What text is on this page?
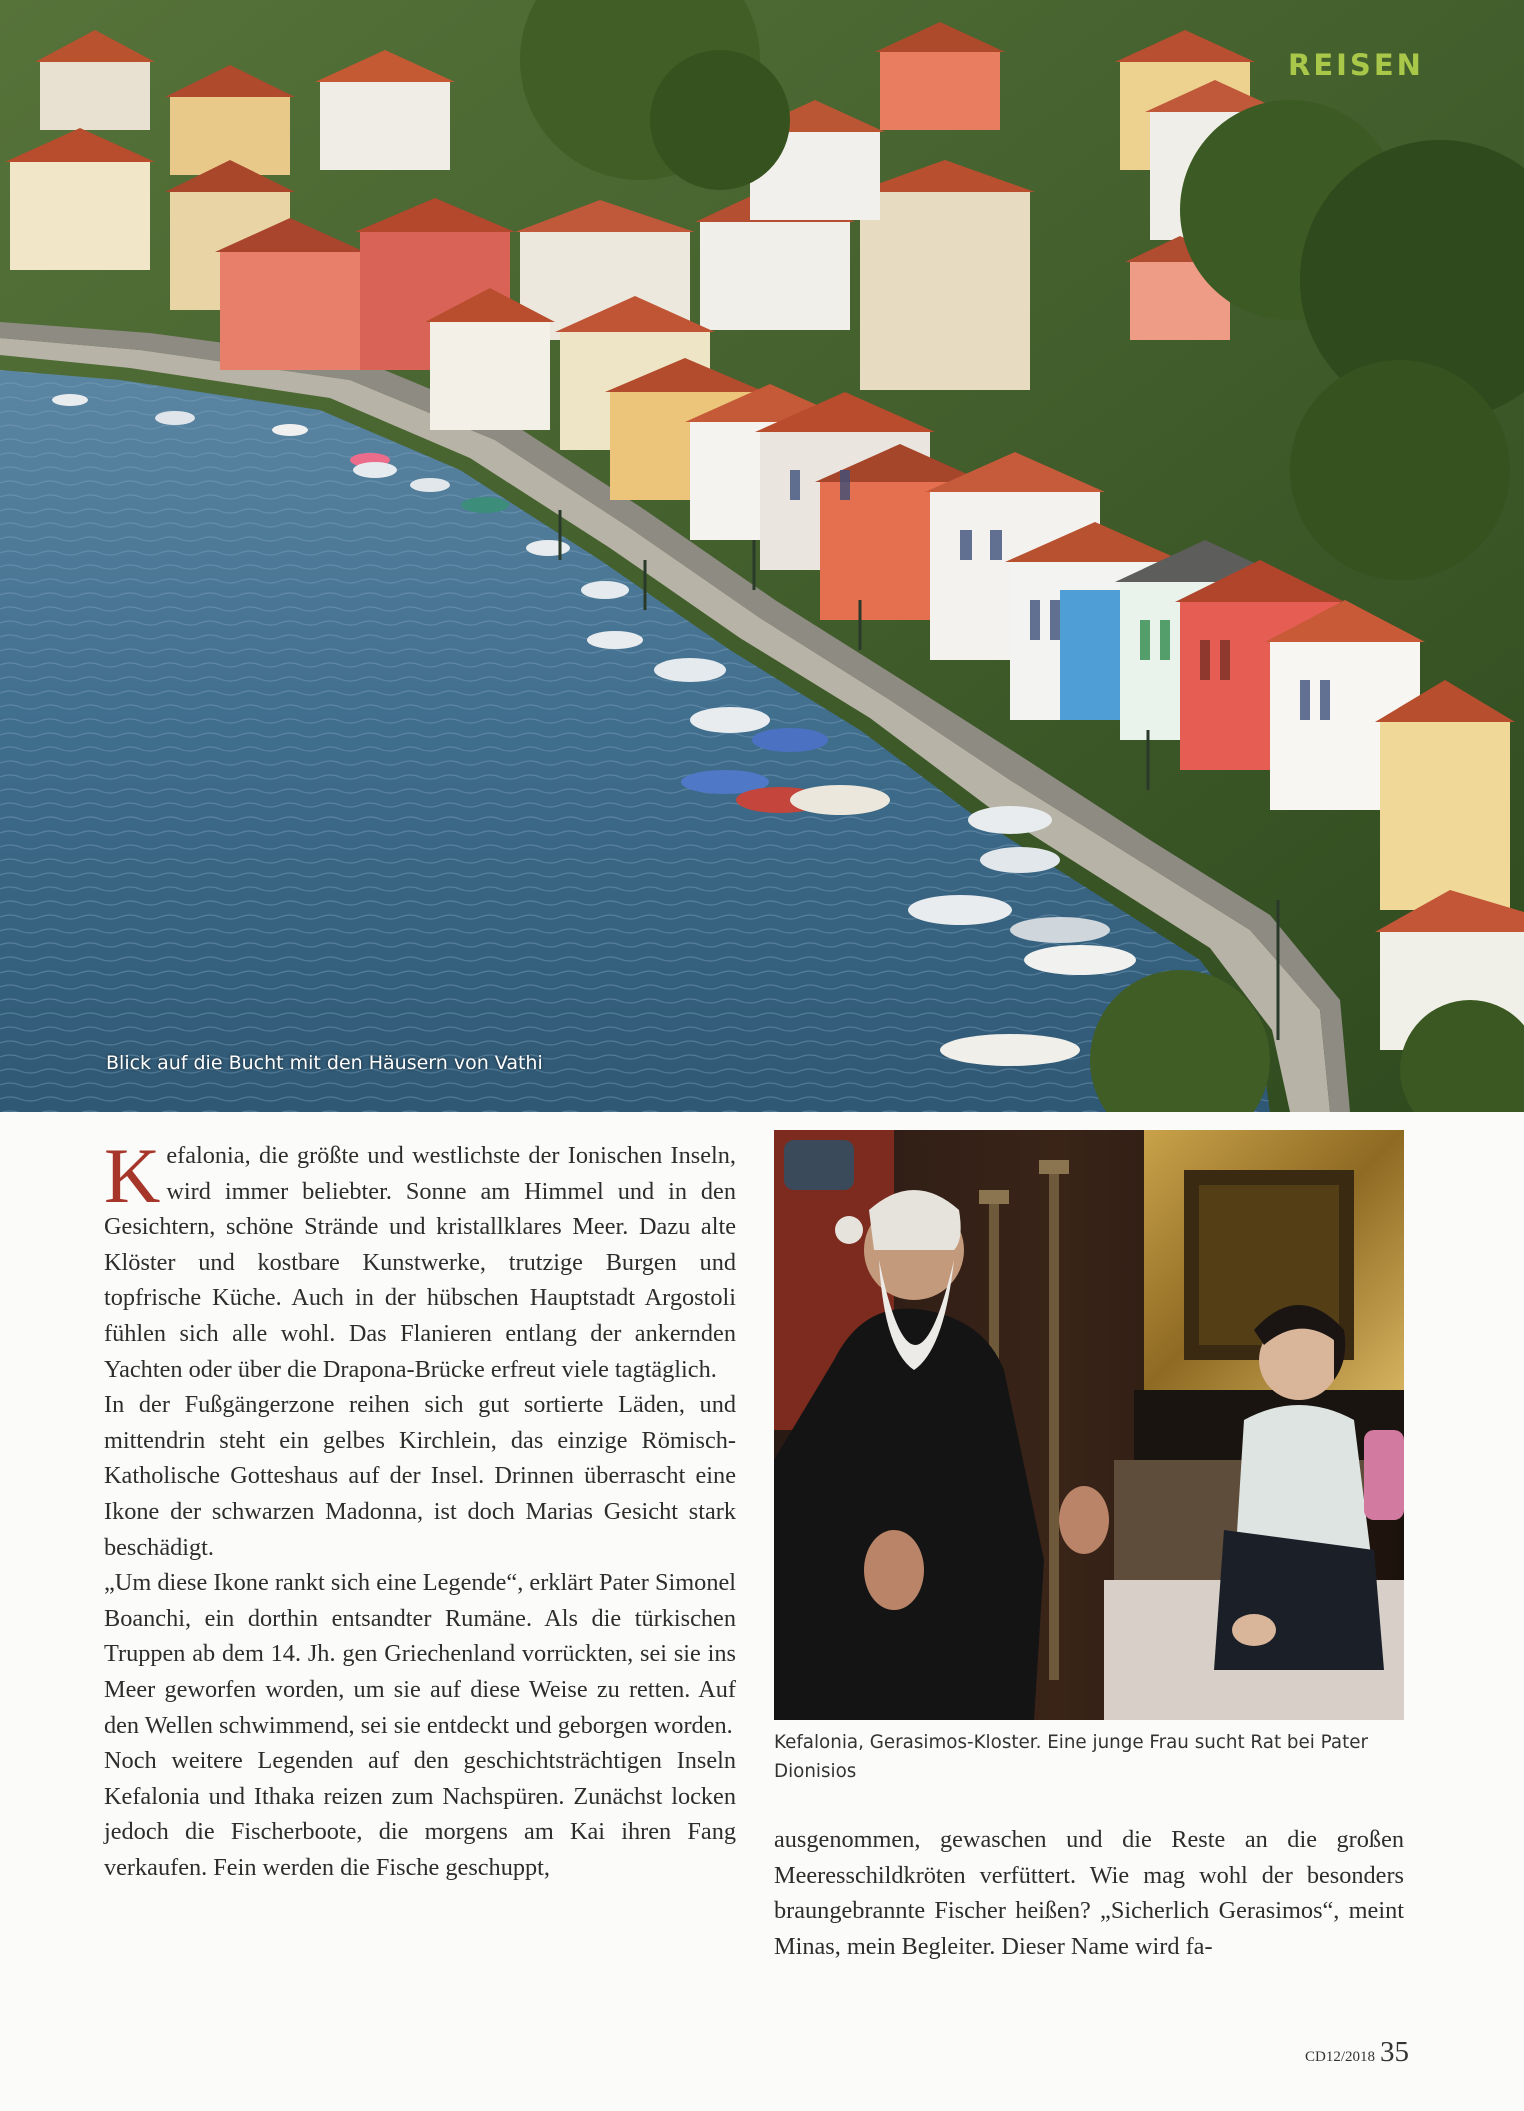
REISEN
Blick auf die Bucht mit den Häusern von Vathi

Kefalonia, die größte und westlichste der Ionischen Inseln, wird immer beliebter. Sonne am Himmel und in den Gesichtern, schöne Strände und kristallklares Meer. Dazu alte Klöster und kostbare Kunstwerke, trutzige Burgen und topfrische Küche. Auch in der hübschen Hauptstadt Argostoli fühlen sich alle wohl. Das Flanieren entlang der ankernden Yachten oder über die Drapona-Brücke erfreut viele tagtäglich.

In der Fußgängerzone reihen sich gut sortierte Läden, und mittendrin steht ein gelbes Kirchlein, das einzige Römisch-Katholische Gotteshaus auf der Insel. Drinnen überrascht eine Ikone der schwarzen Madonna, ist doch Marias Gesicht stark beschädigt.

„Um diese Ikone rankt sich eine Legende“, erklärt Pater Simonel Boanchi, ein dorthin entsandter Rumäne. Als die türkischen Truppen ab dem 14. Jh. gen Griechenland vorrückten, sei sie ins Meer geworfen worden, um sie auf diese Weise zu retten. Auf den Wellen schwimmend, sei sie entdeckt und geborgen worden.

Noch weitere Legenden auf den geschichtsträchtigen Inseln Kefalonia und Ithaka reizen zum Nachspüren. Zunächst locken jedoch die Fischerboote, die morgens am Kai ihren Fang verkaufen. Fein werden die Fische geschuppt,

Kefalonia, Gerasimos-Kloster. Eine junge Frau sucht Rat bei Pater Dionisios

ausgenommen, gewaschen und die Reste an die großen Meeresschildkröten verfüttert. Wie mag wohl der besonders braungebrannte Fischer heißen? „Sicherlich Gerasimos“, meint Minas, mein Begleiter. Dieser Name wird fa-

CD12/2018 35
